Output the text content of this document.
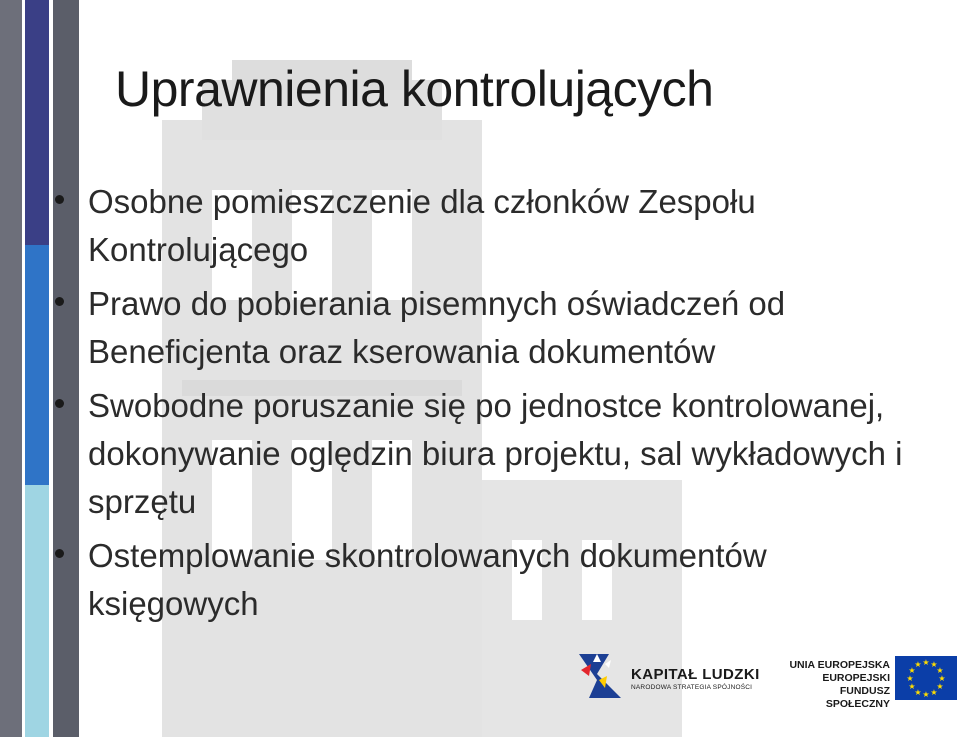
Uprawnienia kontrolujących
Osobne pomieszczenie dla członków Zespołu Kontrolującego
Prawo do pobierania pisemnych oświadczeń od Beneficjenta oraz kserowania dokumentów
Swobodne poruszanie się po jednostce kontrolowanej, dokonywanie oględzin biura projektu, sal wykładowych i sprzętu
Ostemplowanie skontrolowanych dokumentów księgowych
KAPITAŁ LUDZKI
NARODOWA STRATEGIA SPÓJNOŚCI
UNIA EUROPEJSKA
EUROPEJSKI
FUNDUSZ SPOŁECZNY
★ ★
★
★
★
★
★
★
★
★
★
★
